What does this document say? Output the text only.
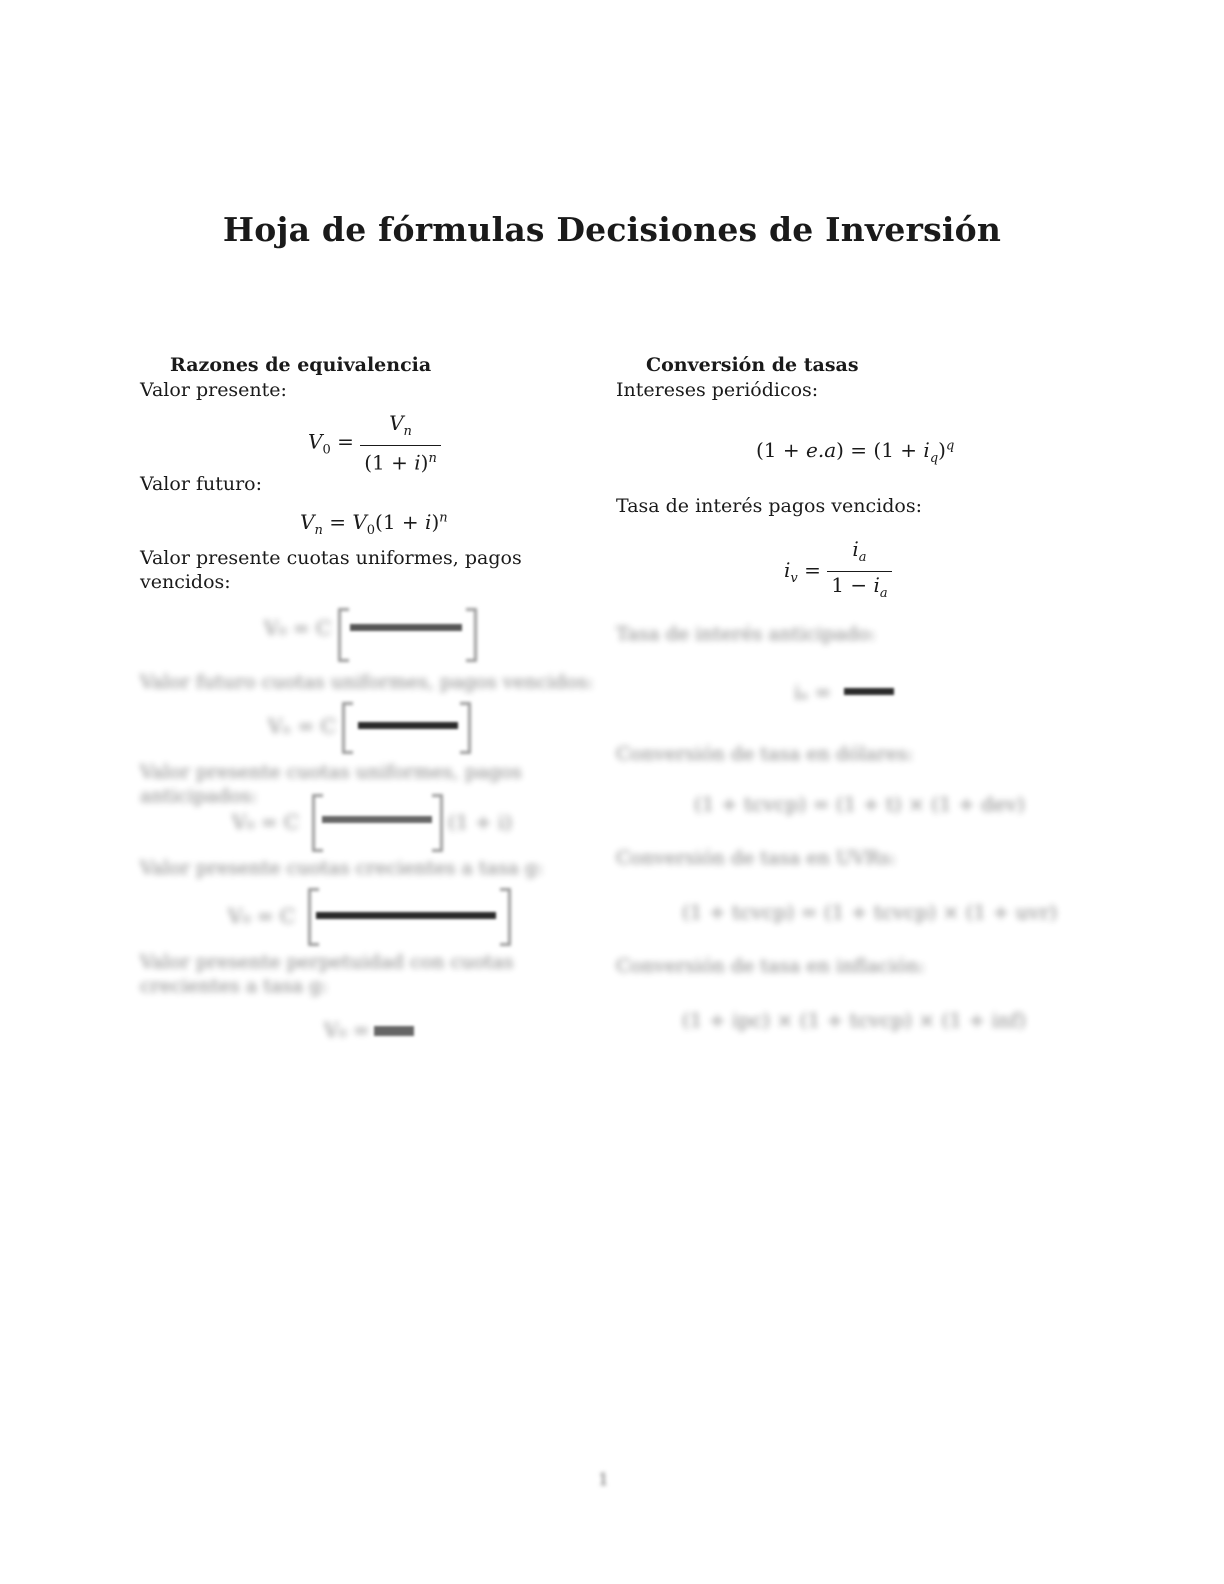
Hoja de fórmulas Decisiones de Inversión
Razones de equivalencia
Valor presente:
$V_0 = \frac{V_n}{(1 + i)^n}$
Valor futuro:
$V_n = V_0(1 + i)^n$
Valor presente cuotas uniformes, pagos vencidos:
V₀ = C
Valor futuro cuotas uniformes, pagos vencidos:
Vₙ = C
Valor presente cuotas uniformes, pagos anticipados:
V₀ = C	(1 + i)
Valor presente cuotas crecientes a tasa g:
V₀ = C
Valor presente perpetuidad con cuotas crecientes a tasa g:
V₀ =
Conversión de tasas
Intereses periódicos:
$(1 + e.a) = (1 + i_q)^q$
Tasa de interés pagos vencidos:
$i_v = \frac{i_a}{1 - i_a}$
Tasa de interés anticipado:
iₐ =
Conversión de tasa en dólares:
(1 + tcvcp) = (1 + t) × (1 + dev)
Conversión de tasa en UVRs:
(1 + tcvcp) = (1 + tcvcp) × (1 + uvr)
Conversión de tasa en inflación:
(1 + ipc) × (1 + tcvcp) × (1 + inf)
1
